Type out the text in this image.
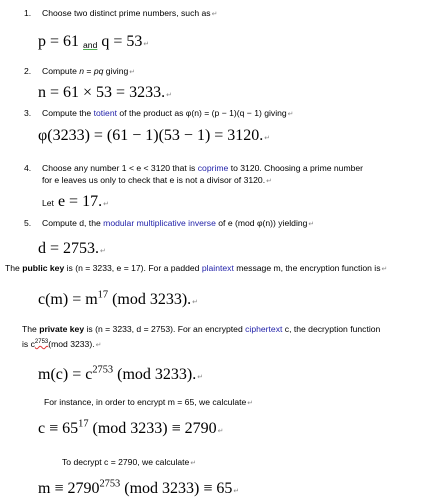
1. Choose two distinct prime numbers, such as↵
p = 61 and q = 53↵
2. Compute n = pq giving↵
n = 61 × 53 = 3233.↵
3. Compute the totient of the product as φ(n) = (p − 1)(q − 1) giving↵
φ(3233) = (61 − 1)(53 − 1) = 3120.↵
4. Choose any number 1 < e < 3120 that is coprime to 3120. Choosing a prime number
for e leaves us only to check that e is not a divisor of 3120.↵
Let e = 17.↵
5. Compute d, the modular multiplicative inverse of e (mod φ(n)) yielding↵
d = 2753.↵
The public key is (n = 3233, e = 17). For a padded plaintext message m, the encryption function is↵
$c(m) = m^{17}$ (mod 3233).↵
The private key is (n = 3233, d = 2753). For an encrypted ciphertext c, the decryption function
is $c^{2753}(mod$ 3233).↵
$m(c) = c^{2753}$ (mod 3233).↵
For instance, in order to encrypt m = 65, we calculate↵
$c \equiv 65^{17}$ (mod 3233) ≡ 2790↵
To decrypt c = 2790, we calculate↵
$m \equiv 2790^{2753}$ (mod 3233) ≡ 65↵
